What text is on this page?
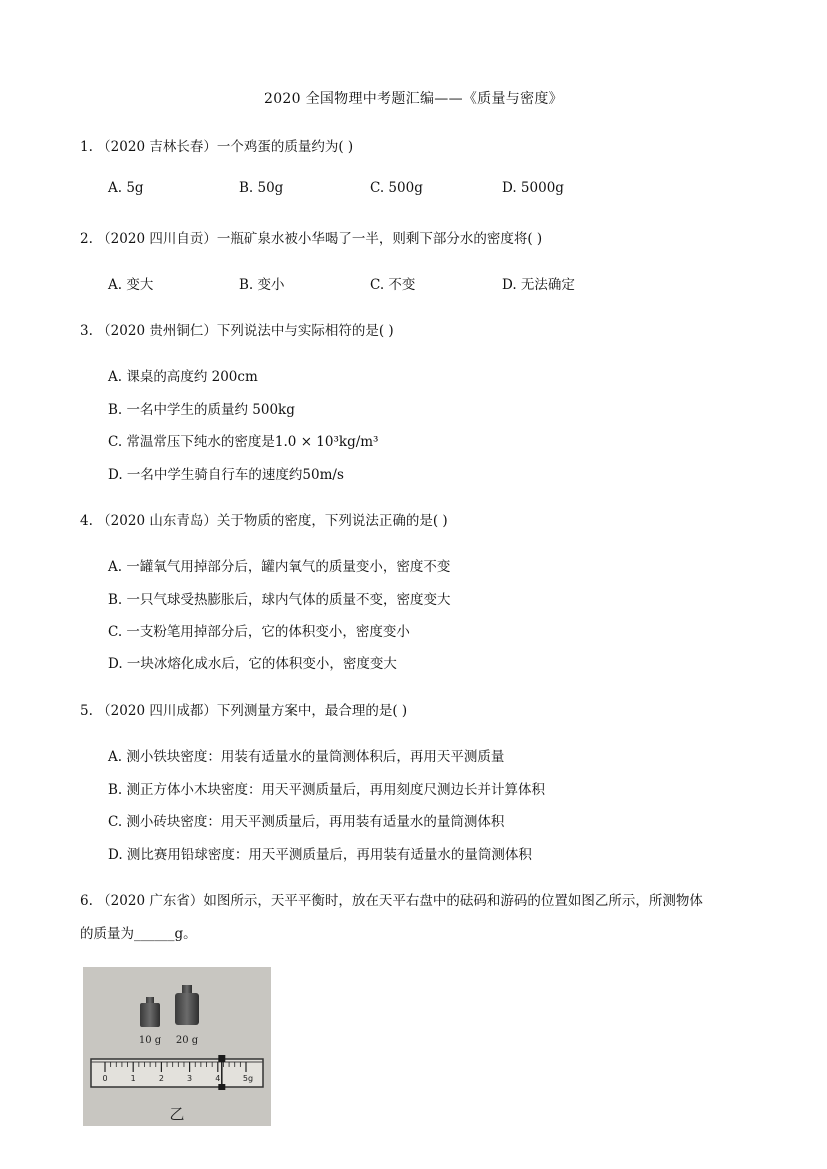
2020 全国物理中考题汇编——《质量与密度》
1. （2020 吉林长春）一个鸡蛋的质量约为( )
A. 5g	B. 50g	C. 500g	D. 5000g
2. （2020 四川自贡）一瓶矿泉水被小华喝了一半，则剩下部分水的密度将( )
A. 变大	B. 变小	C. 不变	D. 无法确定
3. （2020 贵州铜仁）下列说法中与实际相符的是( )
A. 课桌的高度约 200cm
B. 一名中学生的质量约 500kg
C. 常温常压下纯水的密度是1.0 × 10³kg/m³
D. 一名中学生骑自行车的速度约50m/s
4. （2020 山东青岛）关于物质的密度，下列说法正确的是( )
A. 一罐氧气用掉部分后，罐内氧气的质量变小，密度不变
B. 一只气球受热膨胀后，球内气体的质量不变，密度变大
C. 一支粉笔用掉部分后，它的体积变小，密度变小
D. 一块冰熔化成水后，它的体积变小，密度变大
5. （2020 四川成都）下列测量方案中，最合理的是( )
A. 测小铁块密度：用装有适量水的量筒测体积后，再用天平测质量
B. 测正方体小木块密度：用天平测质量后，再用刻度尺测边长并计算体积
C. 测小砖块密度：用天平测质量后，再用装有适量水的量筒测体积
D. 测比赛用铅球密度：用天平测质量后，再用装有适量水的量筒测体积
6. （2020 广东省）如图所示，天平平衡时，放在天平右盘中的砝码和游码的位置如图乙所示，所测物体
的质量为______g。
10 g 20 g
0	1	2	3	4	5g
乙
